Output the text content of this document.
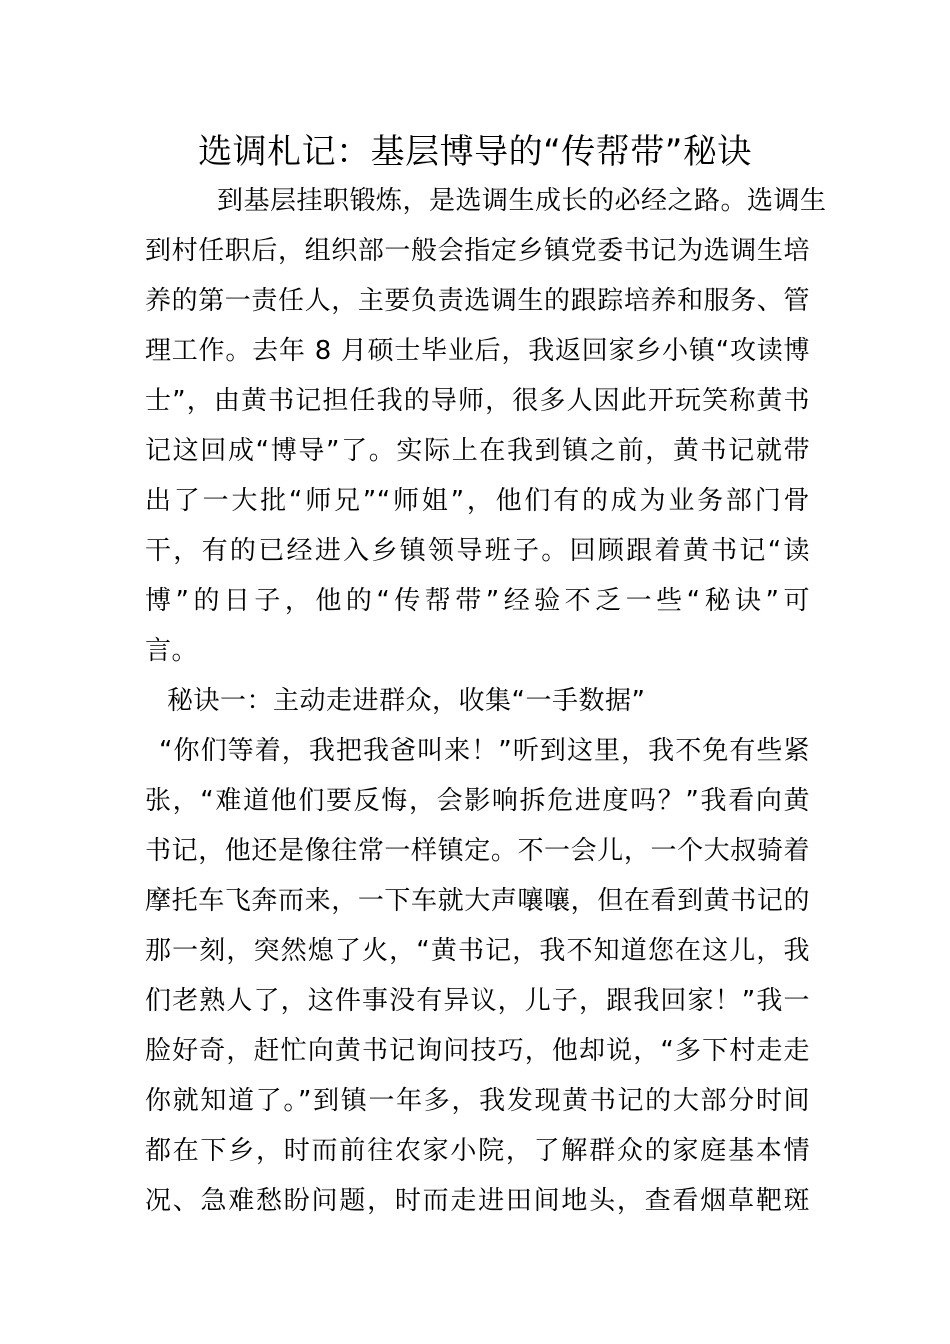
选调札记：基层博导的“传帮带”秘诀
到基层挂职锻炼，是选调生成长的必经之路。选调生
到村任职后，组织部一般会指定乡镇党委书记为选调生培
养的第一责任人，主要负责选调生的跟踪培养和服务、管
理工作。去年 8 月硕士毕业后，我返回家乡小镇“攻读博
士”，由黄书记担任我的导师，很多人因此开玩笑称黄书
记这回成“博导”了。实际上在我到镇之前，黄书记就带
出了一大批“师兄”“师姐”，他们有的成为业务部门骨
干，有的已经进入乡镇领导班子。回顾跟着黄书记“读
博”的日子，他的“传帮带”经验不乏一些“秘诀”可
言。
秘诀一：主动走进群众，收集“一手数据”
“你们等着，我把我爸叫来！”听到这里，我不免有些紧
张，“难道他们要反悔，会影响拆危进度吗？”我看向黄
书记，他还是像往常一样镇定。不一会儿，一个大叔骑着
摩托车飞奔而来，一下车就大声嚷嚷，但在看到黄书记的
那一刻，突然熄了火，“黄书记，我不知道您在这儿，我
们老熟人了，这件事没有异议，儿子，跟我回家！”我一
脸好奇，赶忙向黄书记询问技巧，他却说，“多下村走走
你就知道了。”到镇一年多，我发现黄书记的大部分时间
都在下乡，时而前往农家小院，了解群众的家庭基本情
况、急难愁盼问题，时而走进田间地头，查看烟草靶斑
